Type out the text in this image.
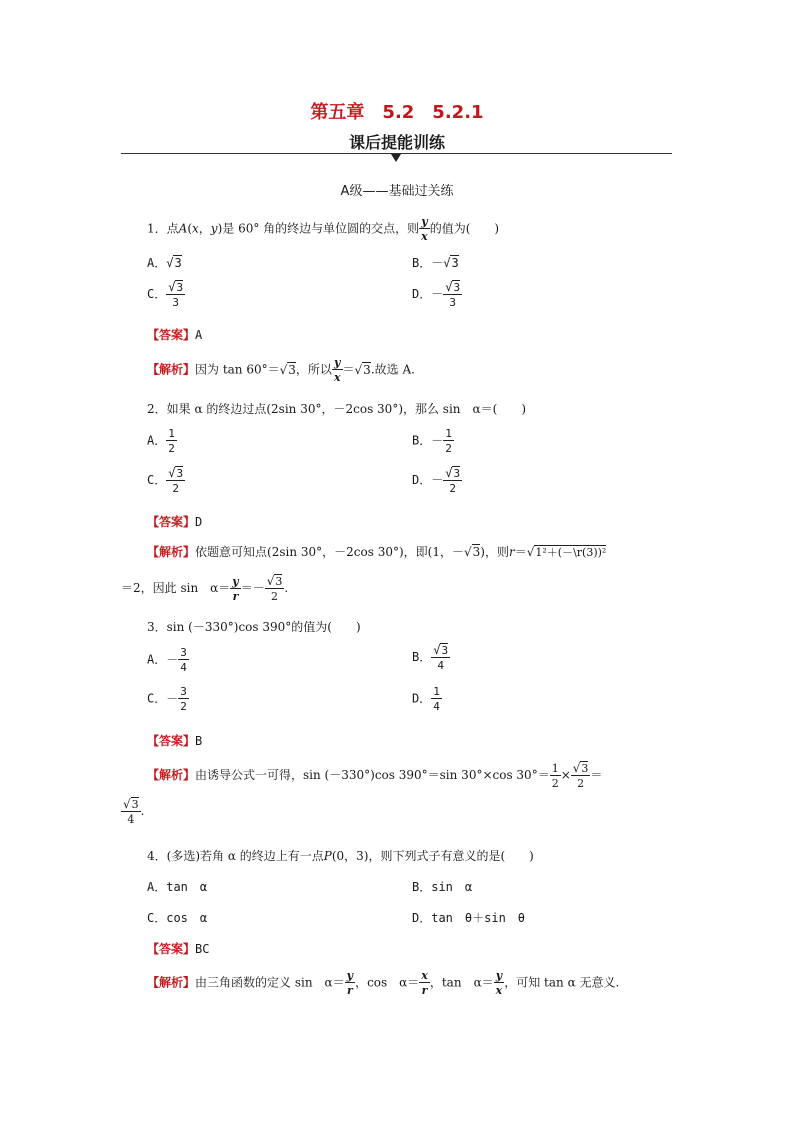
第五章　5.2　5.2.1
课后提能训练
A级——基础过关练
1．点A(x，y)是 60° 角的终边与单位圆的交点，则 $\frac{y}{x}$ 的值为(　　)
A．√3	B．－√3
C． $\frac{√3}{3}$	D．－ $\frac{√3}{3}$
【答案】A
【解析】因为 tan 60°＝√3，所以 $\frac{y}{x} =√3$.故选 A.
2．如果 α 的终边过点(2sin 30°，－2cos 30°)，那么 sin　α＝(　　)
A． $\frac{1}{2}$	B．－ $\frac{1}{2}$
C． $\frac{√3}{2}$	D．－ $\frac{√3}{2}$
【答案】D
【解析】依题意可知点(2sin 30°，－2cos 30°)，即(1，－√3)，则r＝√1²＋(－\r(3))²
＝2，因此 sin　$\alpha= \frac{y}{r} =- \frac{√3}{2}$ .
3．sin (－330°)cos 390°的值为(　　)
A．－ $\frac{3}{4}$	B． $\frac{√3}{4}$
C．－ $\frac{3}{2}$	D． $\frac{1}{4}$
【答案】B
【解析】由诱导公式一可得，sin (－330°)cos 390°＝sin 30°×cos $30^\circ= \frac{1}{2} \times \frac{√3}{2}$ ＝
$\frac{√3}{4}$ .
4．(多选)若角 α 的终边上有一点P(0，3)，则下列式子有意义的是(　　)
A．tan　α	B．sin　α
C．cos　α	D．tan　θ＋sin　θ
【答案】BC
【解析】由三角函数的定义 sin　$\alpha= \frac{y}{r}$ ，cos　$\alpha= \frac{x}{r}$ ，tan　$\alpha= \frac{y}{x}$ ，可知 tan α 无意义.
